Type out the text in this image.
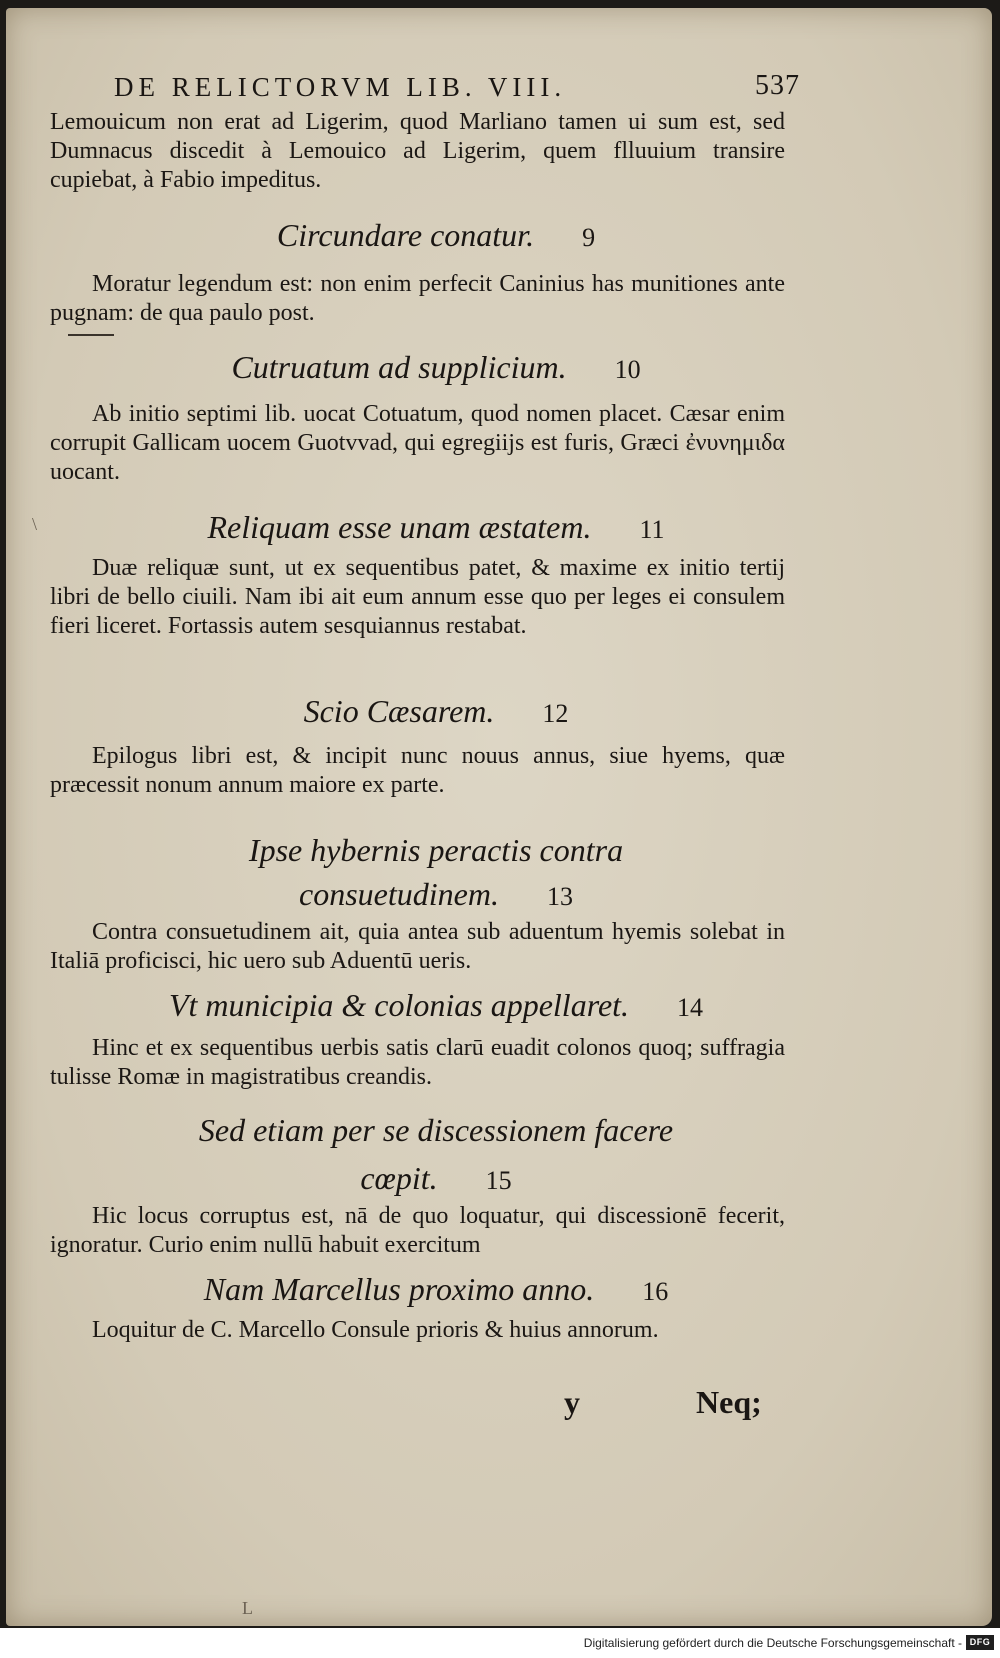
DE RELICTORVM LIB. VIII.	537
Lemouicum non erat ad Ligerim, quod Marliano tamen ui sum est, sed Dumnacus discedit à Lemouico ad Ligerim, quem flluuium transire cupiebat, à Fabio impeditus.
Circundare conatur. 9
Moratur legendum est: non enim perfecit Caninius has munitiones ante pugnam: de qua paulo post.
Cutruatum ad supplicium. 10
Ab initio septimi lib. uocat Cotuatum, quod nomen placet. Cæsar enim corrupit Gallicam uocem Guotvvad, qui egregiijs est furis, Græci ἐνυνημιδα uocant.
Reliquam esse unam æstatem. 11
Duæ reliquæ sunt, ut ex sequentibus patet, & maxime ex initio tertij libri de bello ciuili. Nam ibi ait eum annum esse quo per leges ei consulem fieri liceret. Fortassis autem sesquiannus restabat.
Scio Cæsarem. 12
Epilogus libri est, & incipit nunc nouus annus, siue hyems, quæ præcessit nonum annum maiore ex parte.
Ipse hybernis peractis contra consuetudinem. 13
Contra consuetudinem ait, quia antea sub aduentum hyemis solebat in Italiā proficisci, hic uero sub Aduentū ueris.
Vt municipia & colonias appellaret. 14
Hinc et ex sequentibus uerbis satis clarū euadit colonos quoq; suffragia tulisse Romæ in magistratibus creandis.
Sed etiam per se discessionem facere cœpit. 15
Hic locus corruptus est, nā de quo loquatur, qui discessionē fecerit, ignoratur. Curio enim nullū habuit exercitum
Nam Marcellus proximo anno. 16
Loquitur de C. Marcello Consule prioris & huius annorum.
y	Neq;
\
L
Digitalisierung gefördert durch die Deutsche Forschungsgemeinschaft - DFG
